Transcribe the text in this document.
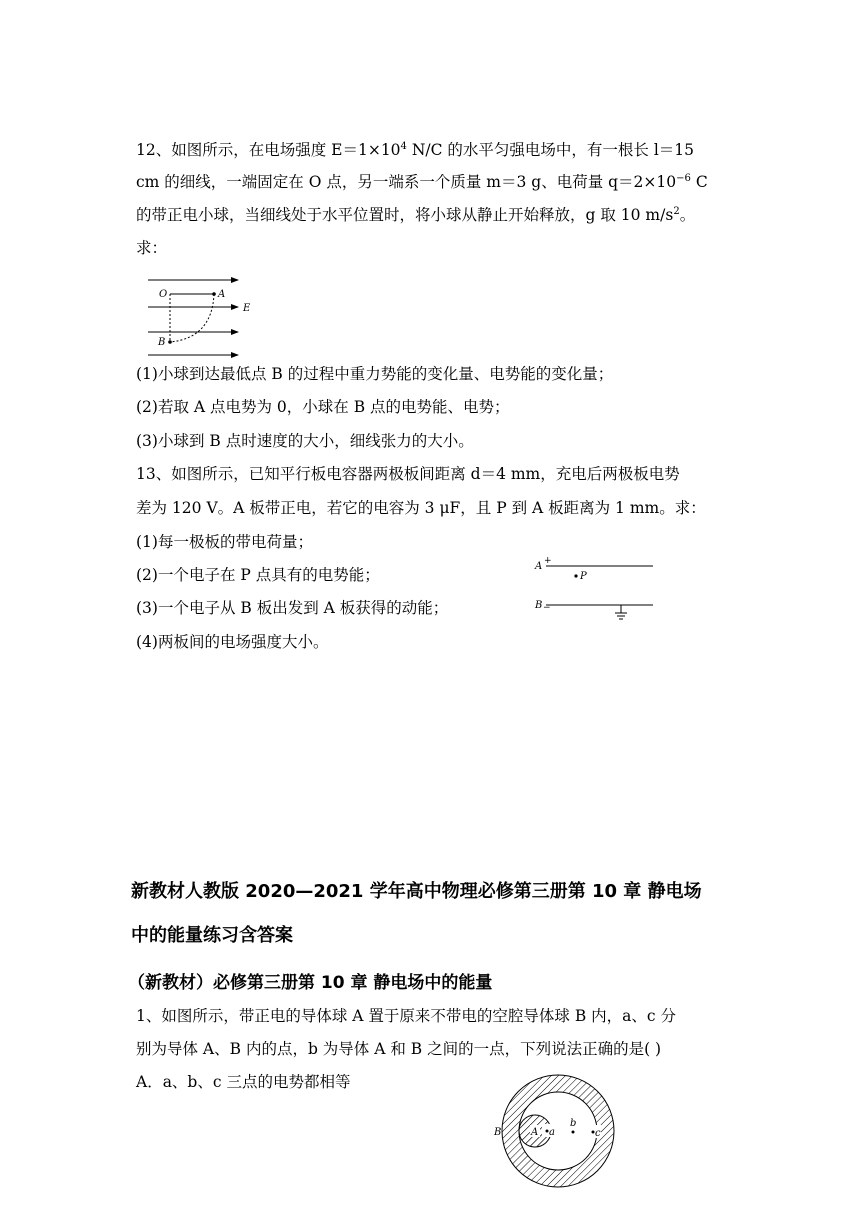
12、如图所示，在电场强度 $E=1\times 10^4$ N/C 的水平匀强电场中，有一根长 l＝15
cm 的细线，一端固定在 O 点，另一端系一个质量 m＝3 g、电荷量 $q=2\times 10^{-6}$ C
的带正电小球，当细线处于水平位置时，将小球从静止开始释放，g 取 10 $m/s^2$。
求：
O	A
E
B
(1)小球到达最低点 B 的过程中重力势能的变化量、电势能的变化量；
(2)若取 A 点电势为 0，小球在 B 点的电势能、电势；
(3)小球到 B 点时速度的大小，细线张力的大小。
13、如图所示，已知平行板电容器两极板间距离 d＝4 mm，充电后两极板电势
差为 120 V。A 板带正电，若它的电容为 3 μF，且 P 到 A 板距离为 1 mm。求：
(1)每一极板的带电荷量；
(2)一个电子在 P 点具有的电势能；
(3)一个电子从 B 板出发到 A 板获得的动能；
(4)两板间的电场强度大小。
A +
P
B −
新教材人教版 2020—2021 学年高中物理必修第三册第 10 章 静电场
中的能量练习含答案
（新教材）必修第三册第 10 章 静电场中的能量
1、如图所示，带正电的导体球 A 置于原来不带电的空腔导体球 B 内，a、c 分
别为导体 A、B 内的点，b 为导体 A 和 B 之间的一点，下列说法正确的是( )
A．a、b、c 三点的电势都相等
B	A a
b
c
